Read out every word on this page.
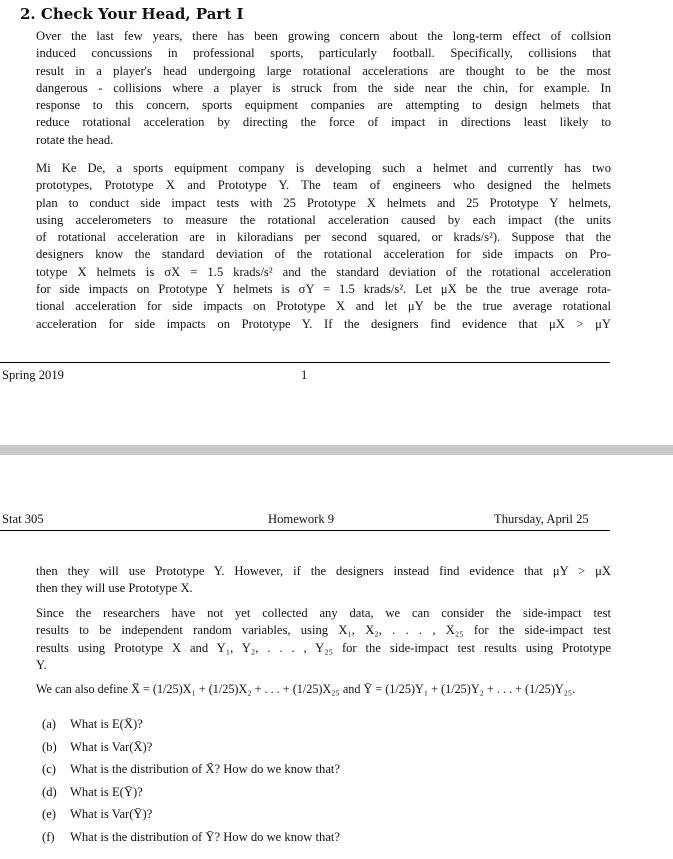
2. Check Your Head, Part I
Over the last few years, there has been growing concern about the long-term effect of collsion
induced concussions in professional sports, particularly football. Specifically, collisions that
result in a player's head undergoing large rotational accelerations are thought to be the most
dangerous - collisions where a player is struck from the side near the chin, for example. In
response to this concern, sports equipment companies are attempting to design helmets that
reduce rotational acceleration by directing the force of impact in directions least likely to
rotate the head.
Mi Ke De, a sports equipment company is developing such a helmet and currently has two
prototypes, Prototype X and Prototype Y. The team of engineers who designed the helmets
plan to conduct side impact tests with 25 Prototype X helmets and 25 Prototype Y helmets,
using accelerometers to measure the rotational acceleration caused by each impact (the units
of rotational acceleration are in kiloradians per second squared, or krads/s²). Suppose that the
designers know the standard deviation of the rotational acceleration for side impacts on Pro-
totype X helmets is σX = 1.5 krads/s² and the standard deviation of the rotational acceleration
for side impacts on Prototype Y helmets is σY = 1.5 krads/s². Let μX be the true average rota-
tional acceleration for side impacts on Prototype X and let μY be the true average rotational
acceleration for side impacts on Prototype Y. If the designers find evidence that μX > μY
Spring 2019	1
Stat 305	Homework 9	Thursday, April 25
then they will use Prototype Y. However, if the designers instead find evidence that μY > μX
then they will use Prototype X.
Since the researchers have not yet collected any data, we can consider the side-impact test
results to be independent random variables, using X₁, X₂, . . . , X₂₅ for the side-impact test
results using Prototype X and Y₁, Y₂, . . . , Y₂₅ for the side-impact test results using Prototype
Y.
We can also define X̄ = (1/25)X₁ + (1/25)X₂ + . . . + (1/25)X₂₅ and Ȳ = (1/25)Y₁ + (1/25)Y₂ + . . . + (1/25)Y₂₅.
(a) What is E(X̄)?
(b) What is Var(X̄)?
(c) What is the distribution of X̄? How do we know that?
(d) What is E(Ȳ)?
(e) What is Var(Ȳ)?
(f) What is the distribution of Ȳ? How do we know that?
